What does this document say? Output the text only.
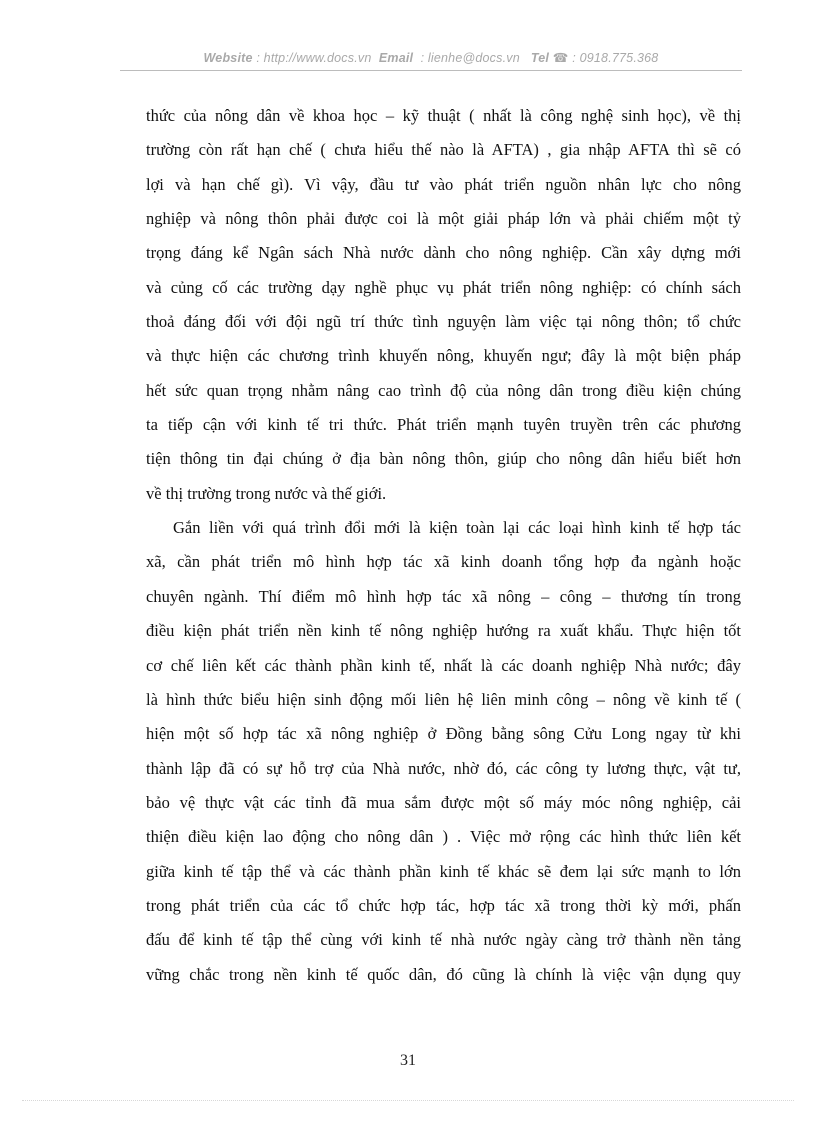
Website : http://www.docs.vn Email  : lienhe@docs.vn Tel ☎ : 0918.775.368
thức của nông dân về khoa học – kỹ thuật ( nhất là công nghệ sinh học), về thị
trường còn rất hạn chế ( chưa hiểu thế nào là AFTA) , gia nhập AFTA thì sẽ có
lợi và hạn chế gì). Vì vậy, đầu tư vào phát triển nguồn nhân lực cho nông
nghiệp và nông thôn phải được coi là một giải pháp lớn và phải chiếm một tỷ
trọng đáng kể Ngân sách Nhà nước dành cho nông nghiệp. Cần xây dựng mới
và củng cố các trường dạy nghề phục vụ phát triển nông nghiệp: có chính sách
thoả đáng đối với đội ngũ trí thức tình nguyện làm việc tại nông thôn; tổ chức
và thực hiện các chương trình khuyến nông, khuyến ngư; đây là một biện pháp
hết sức quan trọng nhằm nâng cao trình độ của nông dân trong điều kiện chúng
ta tiếp cận với kinh tế tri thức. Phát triển mạnh tuyên truyền trên các phương
tiện thông tin đại chúng ở địa bàn nông thôn, giúp cho nông dân hiểu biết hơn
về thị trường trong nước và thế giới.
Gắn liền với quá trình đổi mới là kiện toàn lại các loại hình kinh tế hợp tác
xã, cần phát triển mô hình hợp tác xã kinh doanh tổng hợp đa ngành hoặc
chuyên ngành. Thí điểm mô hình hợp tác xã nông – công – thương tín trong
điều kiện phát triển nền kinh tế nông nghiệp hướng ra xuất khẩu. Thực hiện tốt
cơ chế liên kết các thành phần kinh tế, nhất là các doanh nghiệp Nhà nước; đây
là hình thức biểu hiện sinh động mối liên hệ liên minh công – nông về kinh tế (
hiện một số hợp tác xã nông nghiệp ở Đồng bằng sông Cửu Long ngay từ khi
thành lập đã có sự hỗ trợ của Nhà nước, nhờ đó, các công ty lương thực, vật tư,
bảo vệ thực vật các tỉnh đã mua sắm được một số máy móc nông nghiệp, cải
thiện điều kiện lao động cho nông dân ) . Việc mở rộng các hình thức liên kết
giữa kinh tế tập thể và các thành phần kinh tế khác sẽ đem lại sức mạnh to lớn
trong phát triển của các tổ chức hợp tác, hợp tác xã trong thời kỳ mới, phấn
đấu để kinh tế tập thể cùng với kinh tế nhà nước ngày càng trở thành nền tảng
vững chắc trong nền kinh tế quốc dân, đó cũng là chính là việc vận dụng quy
31
